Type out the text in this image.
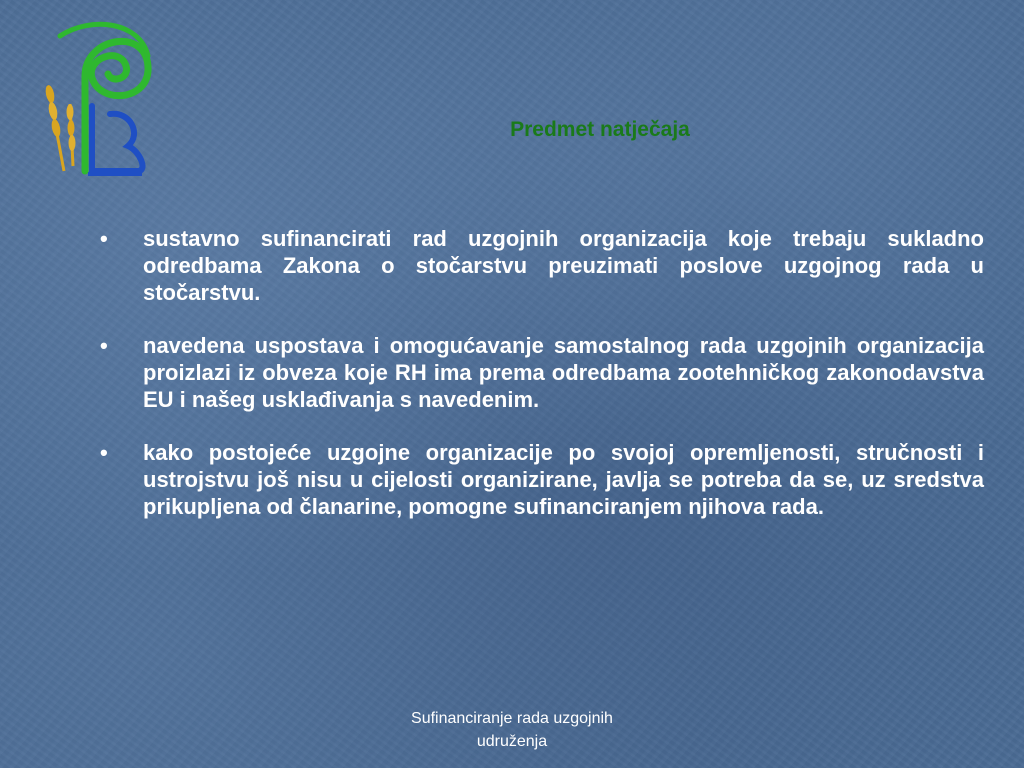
Predmet natječaja
•	sustavno sufinancirati rad uzgojnih organizacija koje trebaju sukladno odredbama Zakona o stočarstvu preuzimati poslove uzgojnog rada u stočarstvu.
•	navedena uspostava i omogućavanje samostalnog rada uzgojnih organizacija proizlazi iz obveza koje RH ima prema odredbama zootehničkog zakonodavstva EU i našeg usklađivanja s navedenim.
•	kako postojeće uzgojne organizacije po svojoj opremljenosti, stručnosti i ustrojstvu još nisu u cijelosti organizirane, javlja se potreba da se, uz sredstva prikupljena od članarine, pomogne sufinanciranjem njihova rada.
Sufinanciranje rada uzgojnih
udruženja
